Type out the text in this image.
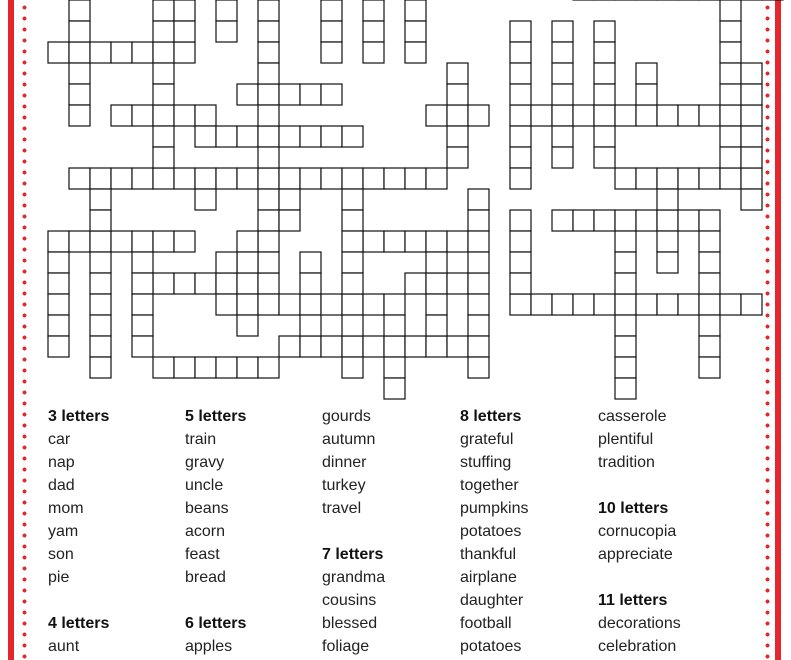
3 letters
car
nap
dad
mom
yam
son
pie
4 letters
aunt
5 letters
train
gravy
uncle
beans
acorn
feast
bread
6 letters
apples
gourds
autumn
dinner
turkey
travel
7 letters
grandma
cousins
blessed
foliage
8 letters
grateful
stuffing
together
pumpkins
potatoes
thankful
airplane
daughter
football
potatoes
casserole
plentiful
tradition
10 letters
cornucopia
appreciate
11 letters
decorations
celebration
